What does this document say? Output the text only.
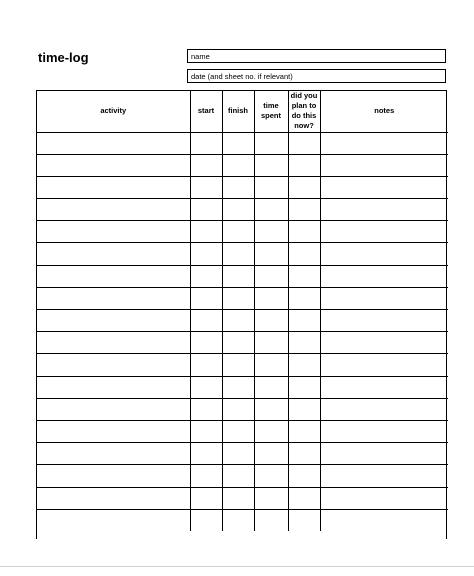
time-log	name
date (and sheet no. if relevant)
activity	start	finish	time spent	did you plan to do this now?	notes
